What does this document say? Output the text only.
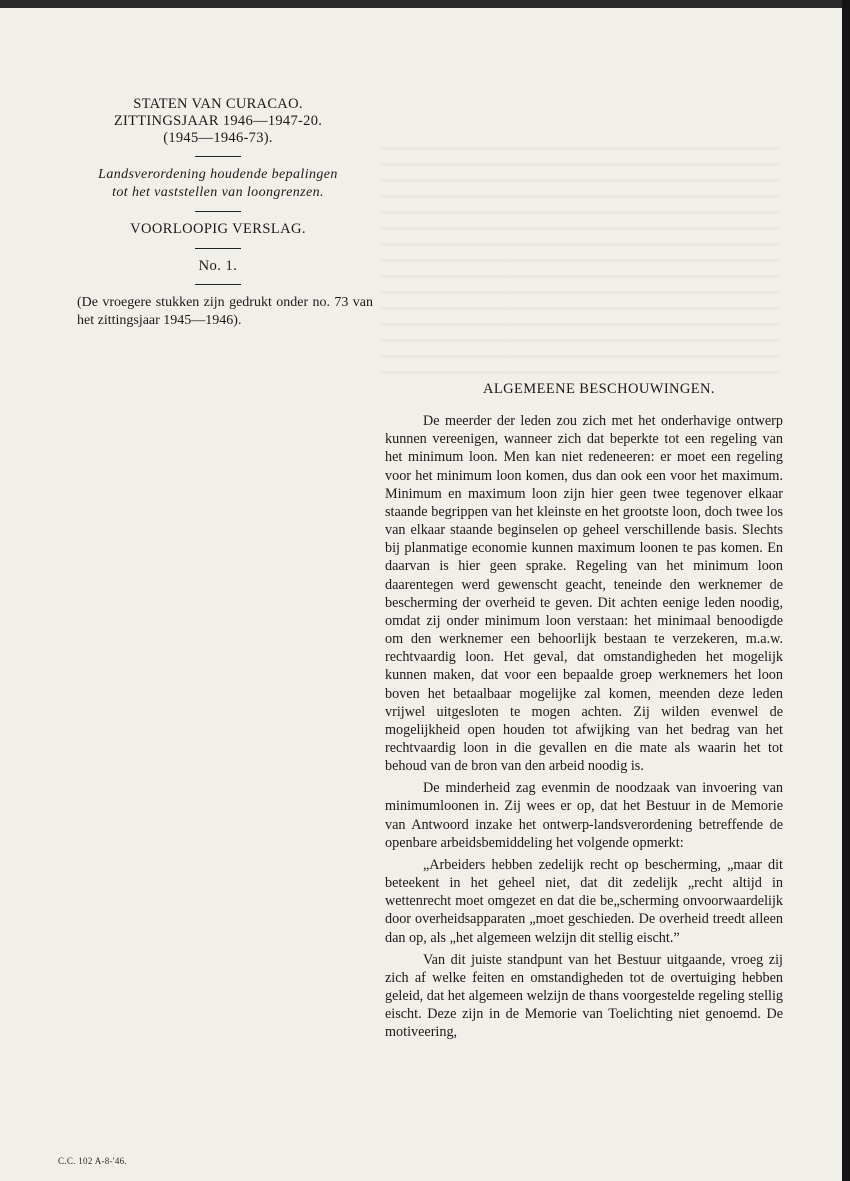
STATEN VAN CURACAO.
ZITTINGSJAAR 1946—1947-20.
(1945—1946-73).
Landsverordening houdende bepalingen
tot het vaststellen van loongrenzen.
VOORLOOPIG VERSLAG.
No. 1.
(De vroegere stukken zijn gedrukt onder no. 73 van het zittingsjaar 1945—1946).
ALGEMEENE BESCHOUWINGEN.

De meerder der leden zou zich met het onderhavige ontwerp kunnen vereenigen, wanneer zich dat beperkte tot een regeling van het minimum loon. Men kan niet redeneeren: er moet een regeling voor het minimum loon komen, dus dan ook een voor het maximum. Minimum en maximum loon zijn hier geen twee tegenover elkaar staande begrippen van het kleinste en het grootste loon, doch twee los van elkaar staande beginselen op geheel verschillende basis. Slechts bij planmatige economie kunnen maximum loonen te pas komen. En daarvan is hier geen sprake. Regeling van het minimum loon daarentegen werd gewenscht geacht, teneinde den werknemer de bescherming der overheid te geven. Dit achten eenige leden noodig, omdat zij onder minimum loon verstaan: het minimaal benoodigde om den werknemer een behoorlijk bestaan te verzekeren, m.a.w. rechtvaardig loon. Het geval, dat omstandigheden het mogelijk kunnen maken, dat voor een bepaalde groep werknemers het loon boven het betaalbaar mogelijke zal komen, meenden deze leden vrijwel uitgesloten te mogen achten. Zij wilden evenwel de mogelijkheid open houden tot afwijking van het bedrag van het rechtvaardig loon in die gevallen en die mate als waarin het tot behoud van de bron van den arbeid noodig is.

De minderheid zag evenmin de noodzaak van invoering van minimumloonen in. Zij wees er op, dat het Bestuur in de Memorie van Antwoord inzake het ontwerp-landsverordening betreffende de openbare arbeidsbemiddeling het volgende opmerkt:

„Arbeiders hebben zedelijk recht op bescherming, „maar dit beteekent in het geheel niet, dat dit zedelijk „recht altijd in wettenrecht moet omgezet en dat die be„scherming onvoorwaardelijk door overheidsapparaten „moet geschieden. De overheid treedt alleen dan op, als „het algemeen welzijn dit stellig eischt.”

Van dit juiste standpunt van het Bestuur uitgaande, vroeg zij zich af welke feiten en omstandigheden tot de overtuiging hebben geleid, dat het algemeen welzijn de thans voorgestelde regeling stellig eischt. Deze zijn in de Memorie van Toelichting niet genoemd. De motiveering,

C.C. 102 A-8-'46.
